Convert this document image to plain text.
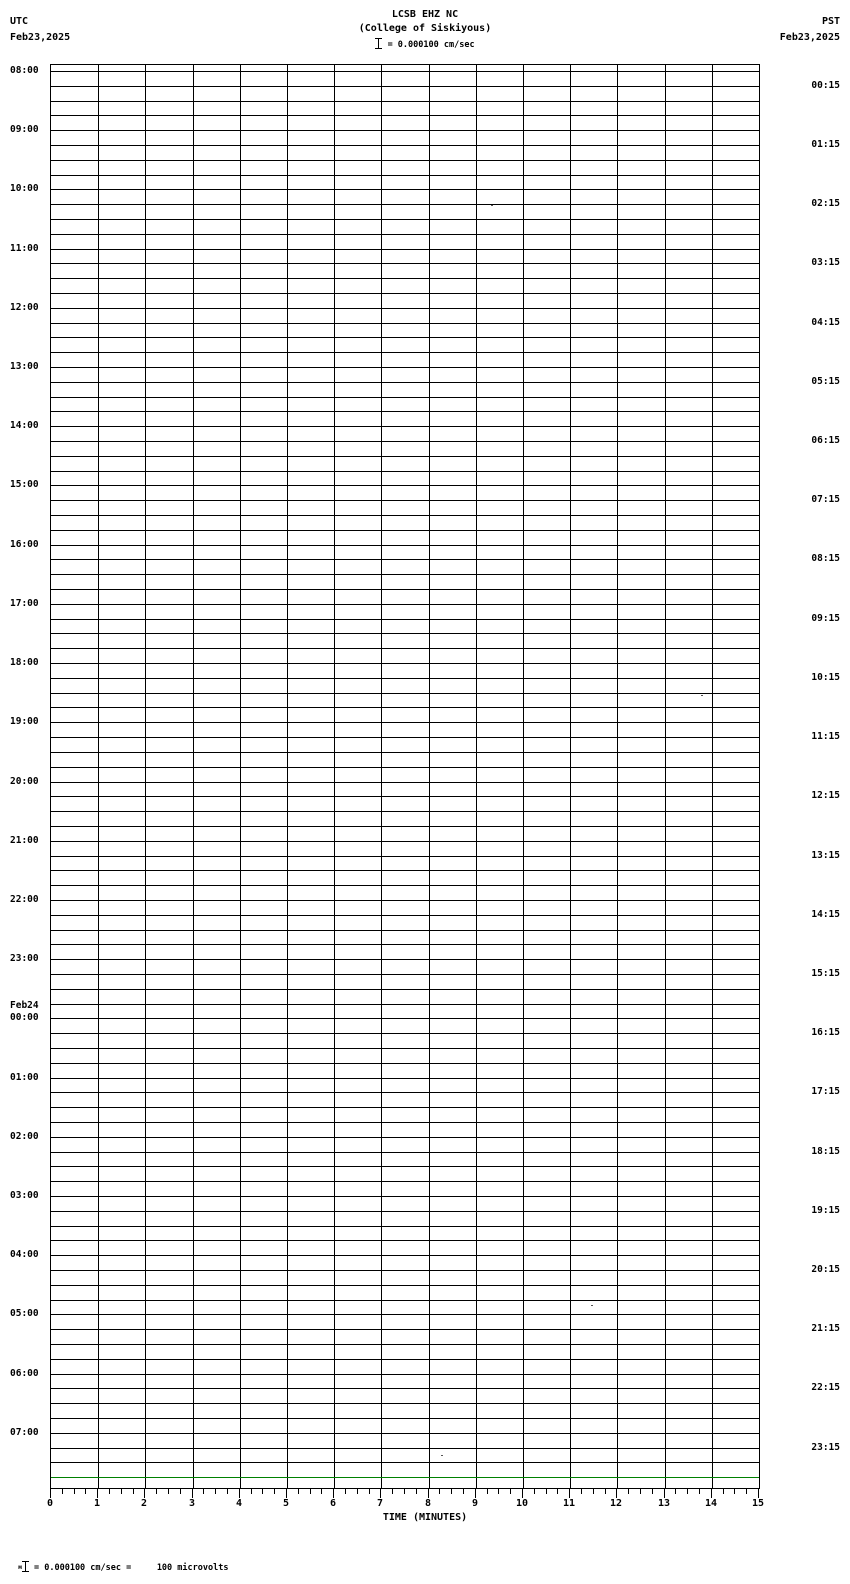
UTC
Feb23,2025
PST
Feb23,2025
LCSB EHZ NC
(College of Siskiyous)
= 0.000100 cm/sec
0	1	2	3	4	5	6	7	8	9	10	11	12	13	14	15
TIME (MINUTES)

м = 0.000100 cm/sec =     100 microvolts

08:00
09:00
10:00
11:00
12:00
13:00
14:00
15:00
16:00
17:00
18:00
19:00
20:00
21:00
22:00
23:00
00:00
Feb24
01:00
02:00
03:00
04:00
05:00
06:00
07:00
00:15
01:15
02:15
03:15
04:15
05:15
06:15
07:15
08:15
09:15
10:15
11:15
12:15
13:15
14:15
15:15
16:15
17:15
18:15
19:15
20:15
21:15
22:15
23:15
